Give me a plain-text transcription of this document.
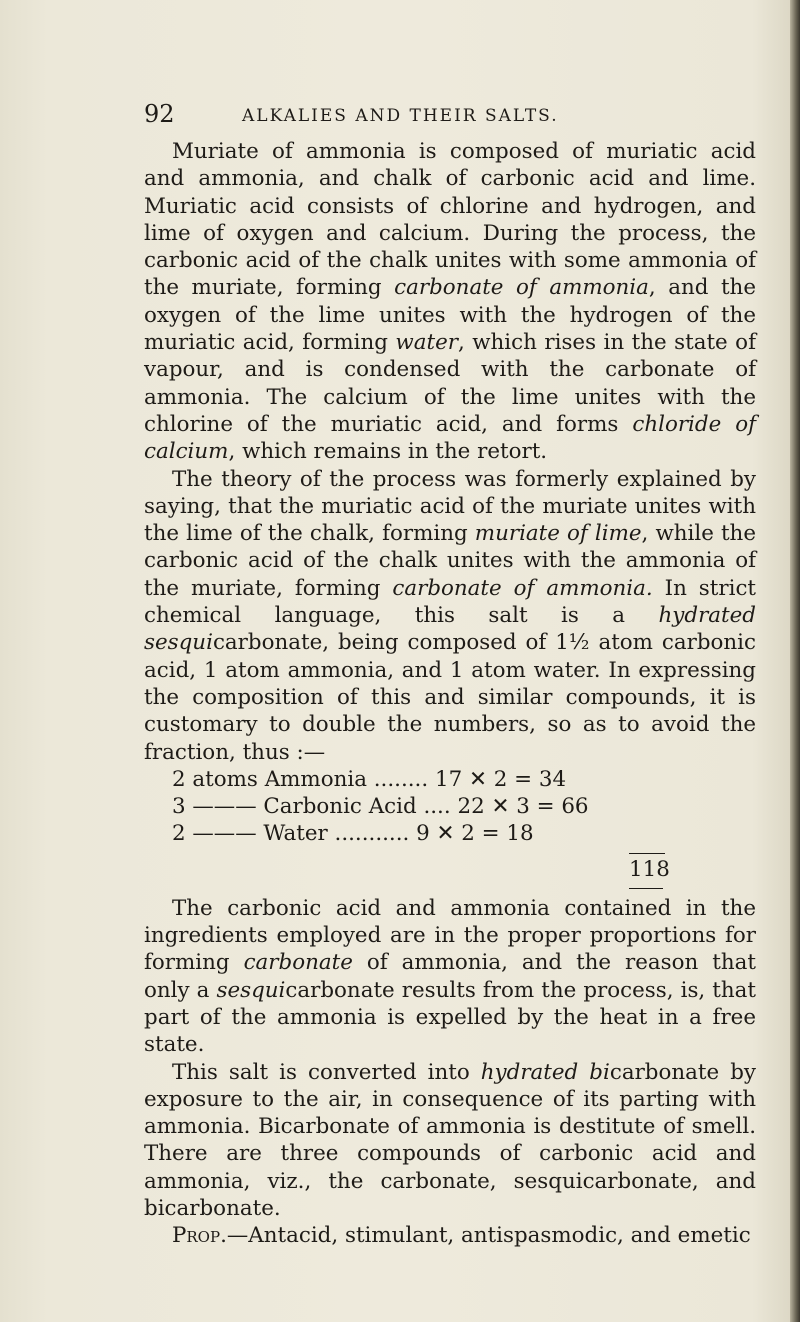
92	ALKALIES AND THEIR SALTS.

Muriate of ammonia is composed of muriatic acid and ammonia, and chalk of carbonic acid and lime. Muriatic acid consists of chlorine and hydrogen, and lime of oxygen and calcium. During the process, the carbonic acid of the chalk unites with some ammonia of the muriate, forming carbonate of ammonia, and the oxygen of the lime unites with the hydrogen of the muriatic acid, forming water, which rises in the state of vapour, and is condensed with the carbonate of ammonia. The calcium of the lime unites with the chlorine of the muriatic acid, and forms chloride of calcium, which remains in the retort.

The theory of the process was formerly explained by saying, that the muriatic acid of the muriate unites with the lime of the chalk, forming muriate of lime, while the carbonic acid of the chalk unites with the ammonia of the muriate, forming carbonate of ammonia. In strict chemical language, this salt is a hydrated sesquicarbonate, being composed of 1½ atom carbonic acid, 1 atom ammonia, and 1 atom water. In expressing the composition of this and similar compounds, it is customary to double the numbers, so as to avoid the fraction, thus :—

2 atoms Ammonia ........ 17 ✕ 2 = 34
3 ——— Carbonic Acid .... 22 ✕ 3 = 66
2 ——— Water ........... 9 ✕ 2 = 18
118

The carbonic acid and ammonia contained in the ingredients employed are in the proper proportions for forming carbonate of ammonia, and the reason that only a sesquicarbonate results from the process, is, that part of the ammonia is expelled by the heat in a free state.

This salt is converted into hydrated bicarbonate by exposure to the air, in consequence of its parting with ammonia. Bicarbonate of ammonia is destitute of smell. There are three compounds of carbonic acid and ammonia, viz., the carbonate, sesquicarbonate, and bicarbonate.

Prop.—Antacid, stimulant, antispasmodic, and emetic
